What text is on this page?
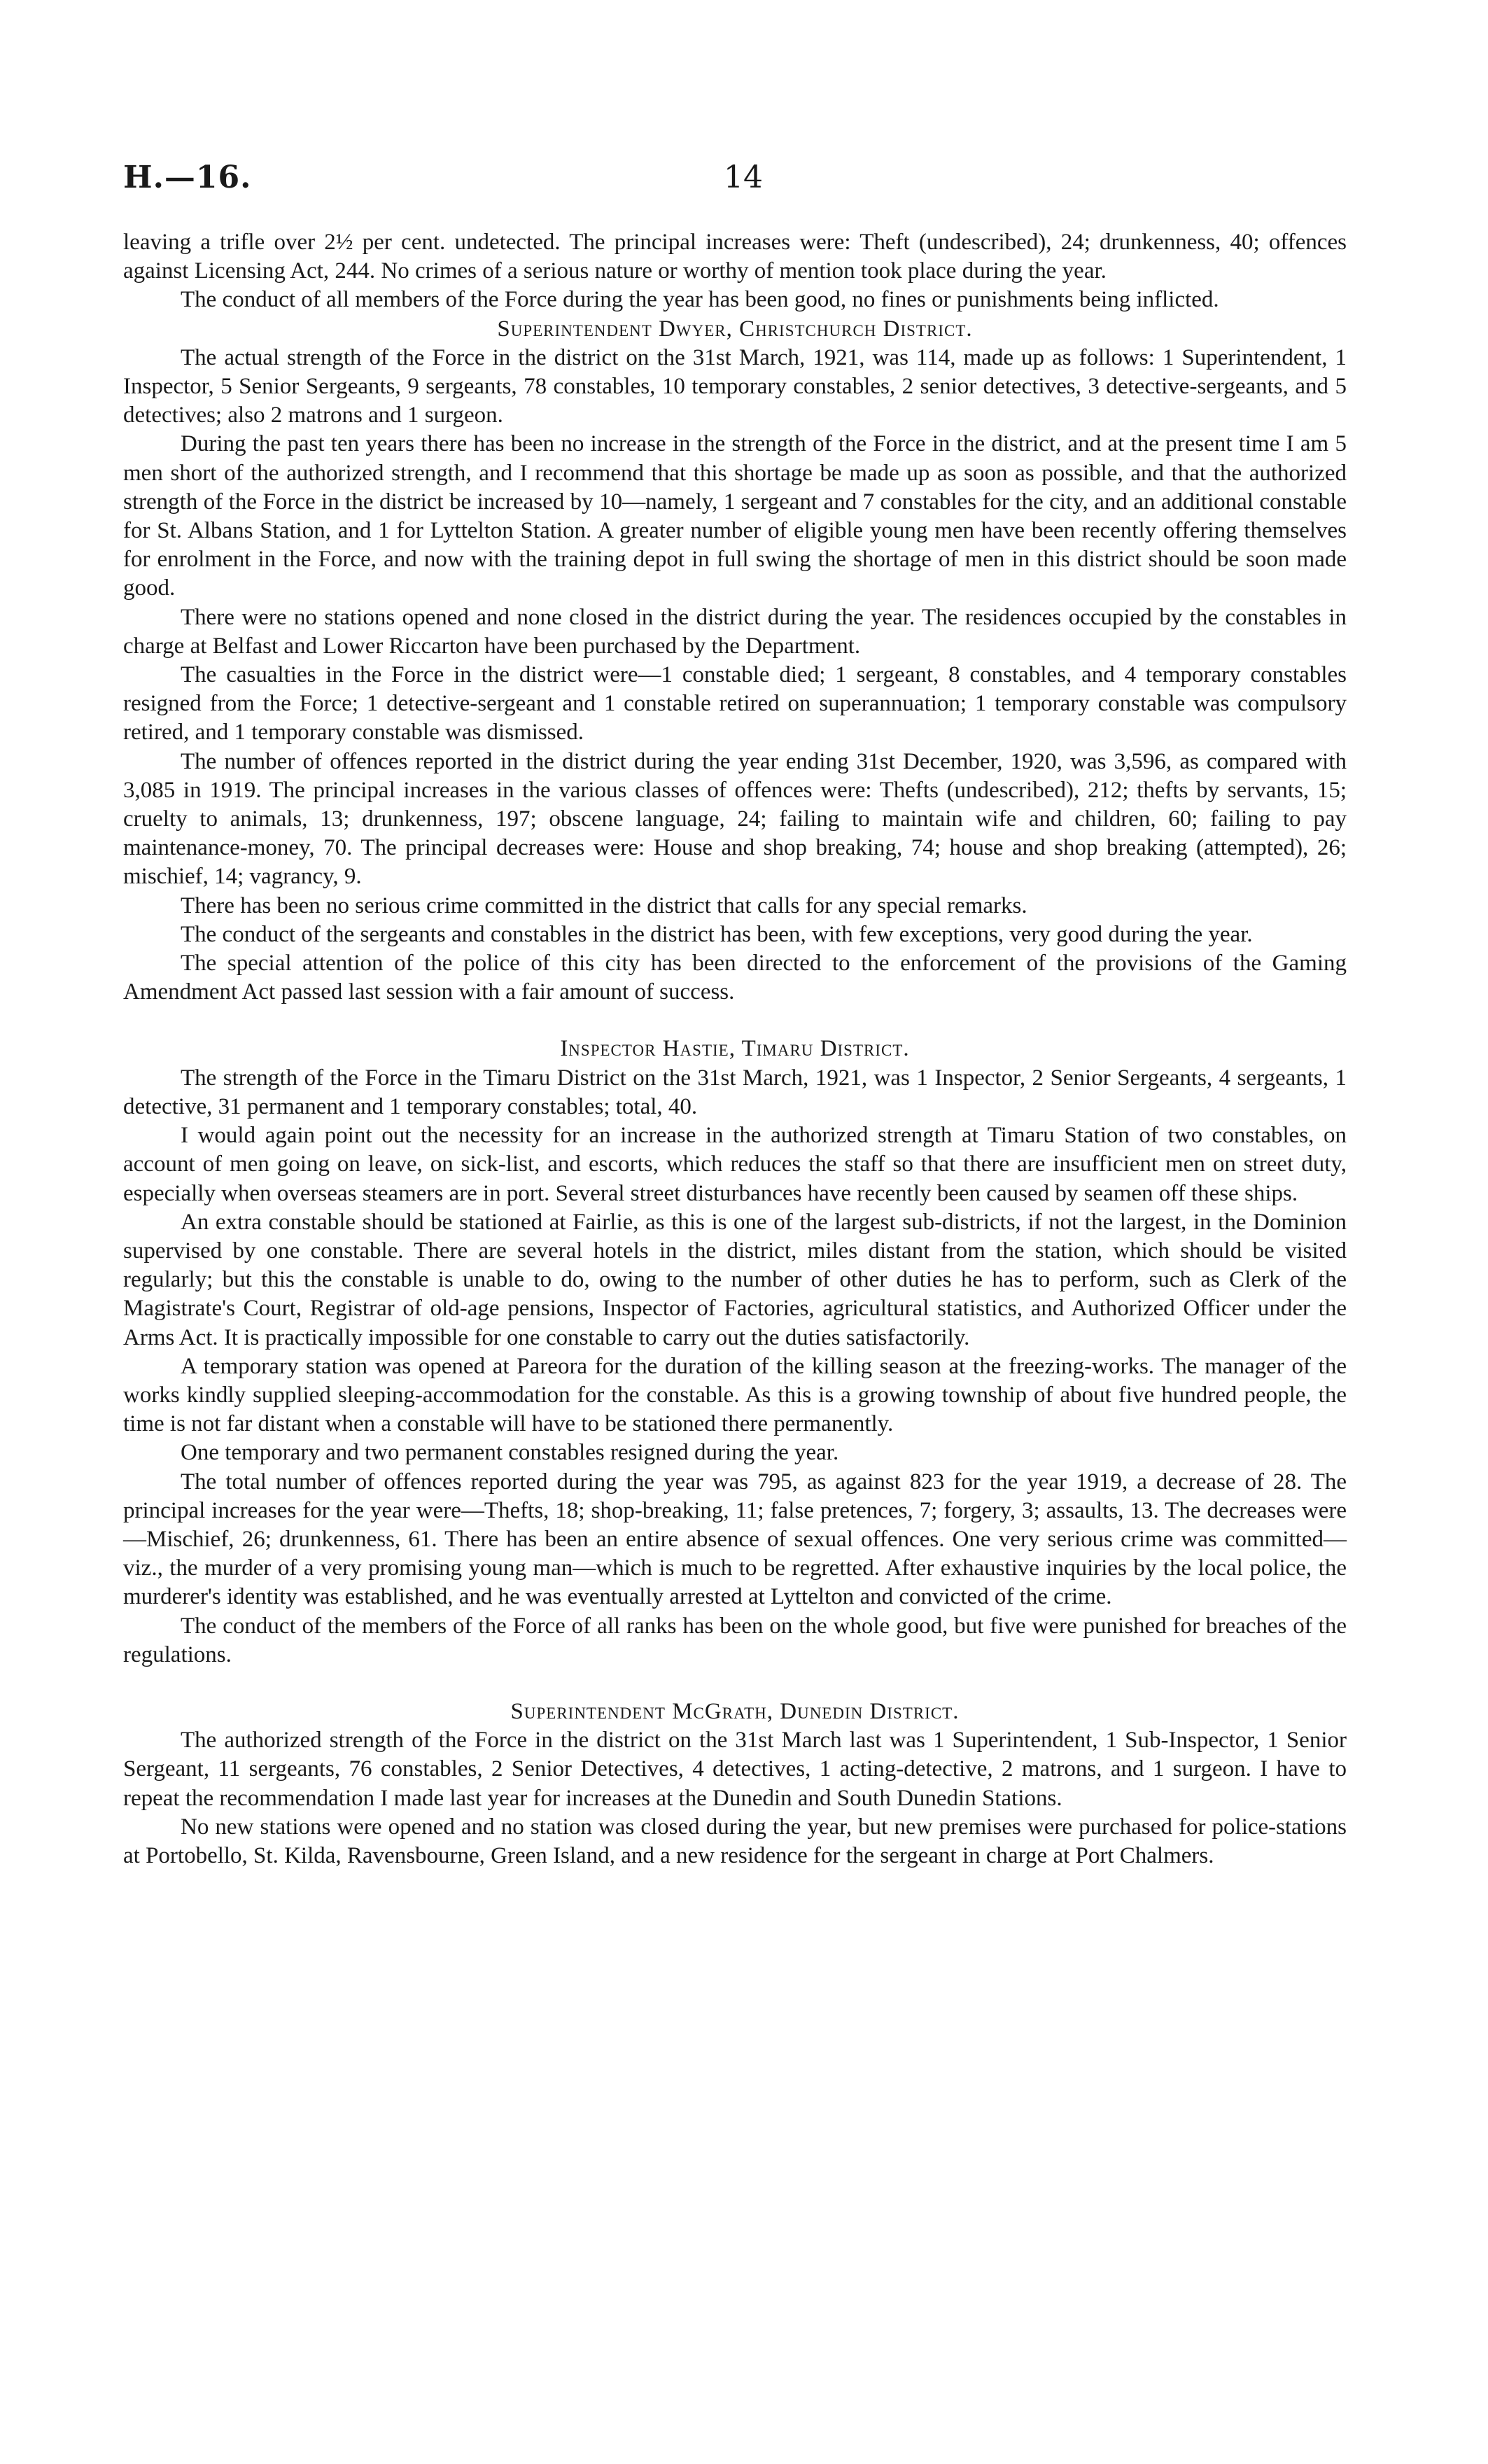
H.—16.	14

leaving a trifle over 2½ per cent. undetected. The principal increases were: Theft (undescribed), 24; drunkenness, 40; offences against Licensing Act, 244. No crimes of a serious nature or worthy of mention took place during the year.

The conduct of all members of the Force during the year has been good, no fines or punishments being inflicted.

Superintendent Dwyer, Christchurch District.

The actual strength of the Force in the district on the 31st March, 1921, was 114, made up as follows: 1 Superintendent, 1 Inspector, 5 Senior Sergeants, 9 sergeants, 78 constables, 10 temporary constables, 2 senior detectives, 3 detective-sergeants, and 5 detectives; also 2 matrons and 1 surgeon.

During the past ten years there has been no increase in the strength of the Force in the district, and at the present time I am 5 men short of the authorized strength, and I recommend that this shortage be made up as soon as possible, and that the authorized strength of the Force in the district be increased by 10—namely, 1 sergeant and 7 constables for the city, and an additional constable for St. Albans Station, and 1 for Lyttelton Station. A greater number of eligible young men have been recently offering themselves for enrolment in the Force, and now with the training depot in full swing the shortage of men in this district should be soon made good.

There were no stations opened and none closed in the district during the year. The residences occupied by the constables in charge at Belfast and Lower Riccarton have been purchased by the Department.

The casualties in the Force in the district were—1 constable died; 1 sergeant, 8 constables, and 4 temporary constables resigned from the Force; 1 detective-sergeant and 1 constable retired on superannuation; 1 temporary constable was compulsory retired, and 1 temporary constable was dismissed.

The number of offences reported in the district during the year ending 31st December, 1920, was 3,596, as compared with 3,085 in 1919. The principal increases in the various classes of offences were: Thefts (undescribed), 212; thefts by servants, 15; cruelty to animals, 13; drunkenness, 197; obscene language, 24; failing to maintain wife and children, 60; failing to pay maintenance-money, 70. The principal decreases were: House and shop breaking, 74; house and shop breaking (attempted), 26; mischief, 14; vagrancy, 9.

There has been no serious crime committed in the district that calls for any special remarks.

The conduct of the sergeants and constables in the district has been, with few exceptions, very good during the year.

The special attention of the police of this city has been directed to the enforcement of the provisions of the Gaming Amendment Act passed last session with a fair amount of success.

Inspector Hastie, Timaru District.

The strength of the Force in the Timaru District on the 31st March, 1921, was 1 Inspector, 2 Senior Sergeants, 4 sergeants, 1 detective, 31 permanent and 1 temporary constables; total, 40.

I would again point out the necessity for an increase in the authorized strength at Timaru Station of two constables, on account of men going on leave, on sick-list, and escorts, which reduces the staff so that there are insufficient men on street duty, especially when overseas steamers are in port. Several street disturbances have recently been caused by seamen off these ships.

An extra constable should be stationed at Fairlie, as this is one of the largest sub-districts, if not the largest, in the Dominion supervised by one constable. There are several hotels in the district, miles distant from the station, which should be visited regularly; but this the constable is unable to do, owing to the number of other duties he has to perform, such as Clerk of the Magistrate's Court, Registrar of old-age pensions, Inspector of Factories, agricultural statistics, and Authorized Officer under the Arms Act. It is practically impossible for one constable to carry out the duties satisfactorily.

A temporary station was opened at Pareora for the duration of the killing season at the freezing-works. The manager of the works kindly supplied sleeping-accommodation for the constable. As this is a growing township of about five hundred people, the time is not far distant when a constable will have to be stationed there permanently.

One temporary and two permanent constables resigned during the year.

The total number of offences reported during the year was 795, as against 823 for the year 1919, a decrease of 28. The principal increases for the year were—Thefts, 18; shop-breaking, 11; false pretences, 7; forgery, 3; assaults, 13. The decreases were—Mischief, 26; drunkenness, 61. There has been an entire absence of sexual offences. One very serious crime was committed—viz., the murder of a very promising young man—which is much to be regretted. After exhaustive inquiries by the local police, the murderer's identity was established, and he was eventually arrested at Lyttelton and convicted of the crime.

The conduct of the members of the Force of all ranks has been on the whole good, but five were punished for breaches of the regulations.

Superintendent McGrath, Dunedin District.

The authorized strength of the Force in the district on the 31st March last was 1 Superintendent, 1 Sub-Inspector, 1 Senior Sergeant, 11 sergeants, 76 constables, 2 Senior Detectives, 4 detectives, 1 acting-detective, 2 matrons, and 1 surgeon. I have to repeat the recommendation I made last year for increases at the Dunedin and South Dunedin Stations.

No new stations were opened and no station was closed during the year, but new premises were purchased for police-stations at Portobello, St. Kilda, Ravensbourne, Green Island, and a new residence for the sergeant in charge at Port Chalmers.
